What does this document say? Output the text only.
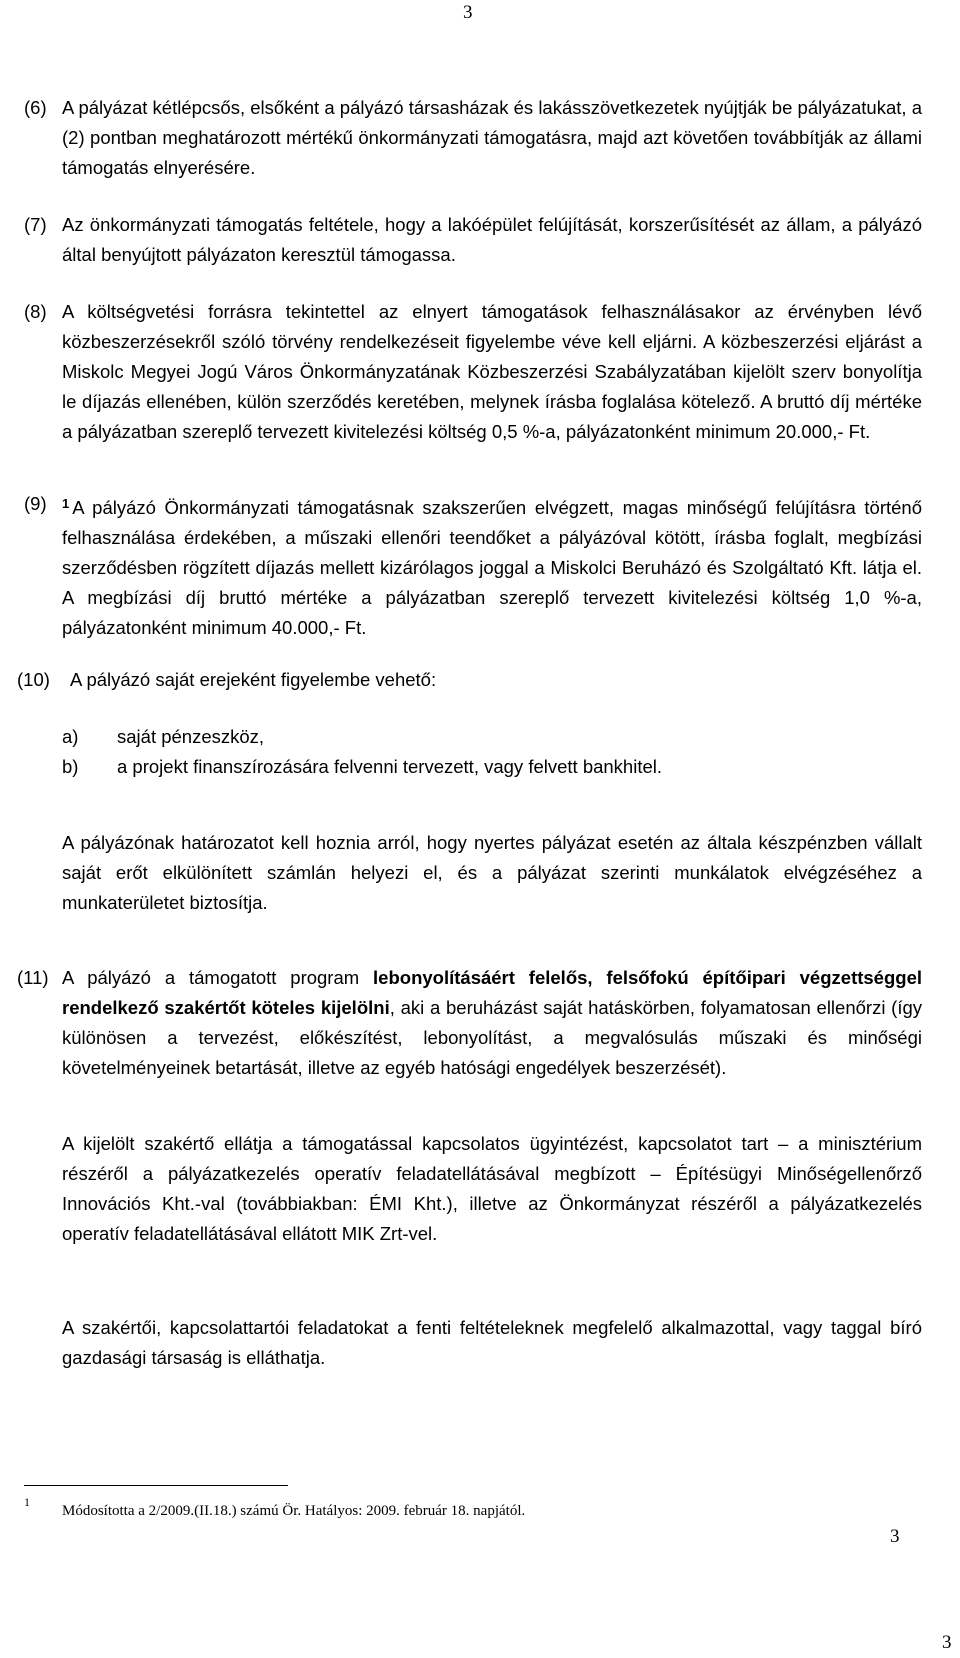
3

(6) A pályázat kétlépcsős, elsőként a pályázó társasházak és lakásszövetkezetek nyújtják be pályázatukat, a (2) pontban meghatározott mértékű önkormányzati támogatásra, majd azt követően továbbítják az állami támogatás elnyerésére.

(7) Az önkormányzati támogatás feltétele, hogy a lakóépület felújítását, korszerűsítését az állam, a pályázó által benyújtott pályázaton keresztül támogassa.

(8) A költségvetési forrásra tekintettel az elnyert támogatások felhasználásakor az érvényben lévő közbeszerzésekről szóló törvény rendelkezéseit figyelembe véve kell eljárni. A közbeszerzési eljárást a Miskolc Megyei Jogú Város Önkormányzatának Közbeszerzési Szabályzatában kijelölt szerv bonyolítja le díjazás ellenében, külön szerződés keretében, melynek írásba foglalása kötelező. A bruttó díj mértéke a pályázatban szereplő tervezett kivitelezési költség 0,5 %-a, pályázatonként minimum 20.000,- Ft.

(9) $^1$ A pályázó Önkormányzati támogatásnak szakszerűen elvégzett, magas minőségű felújításra történő felhasználása érdekében, a műszaki ellenőri teendőket a pályázóval kötött, írásba foglalt, megbízási szerződésben rögzített díjazás mellett kizárólagos joggal a Miskolci Beruházó és Szolgáltató Kft. látja el. A megbízási díj bruttó mértéke a pályázatban szereplő tervezett kivitelezési költség 1,0 %-a, pályázatonként minimum 40.000,- Ft.

(10) A pályázó saját erejeként figyelembe vehető:

a) saját pénzeszköz,
b) a projekt finanszírozására felvenni tervezett, vagy felvett bankhitel.

A pályázónak határozatot kell hoznia arról, hogy nyertes pályázat esetén az általa készpénzben vállalt saját erőt elkülönített számlán helyezi el, és a pályázat szerinti munkálatok elvégzéséhez a munkaterületet biztosítja.

(11) A pályázó a támogatott program lebonyolításáért felelős, felsőfokú építőipari végzettséggel rendelkező szakértőt köteles kijelölni, aki a beruházást saját hatáskörben, folyamatosan ellenőrzi (így különösen a tervezést, előkészítést, lebonyolítást, a megvalósulás műszaki és minőségi követelményeinek betartását, illetve az egyéb hatósági engedélyek beszerzését).

A kijelölt szakértő ellátja a támogatással kapcsolatos ügyintézést, kapcsolatot tart – a minisztérium részéről a pályázatkezelés operatív feladatellátásával megbízott – Építésügyi Minőségellenőrző Innovációs Kht.-val (továbbiakban: ÉMI Kht.), illetve az Önkormányzat részéről a pályázatkezelés operatív feladatellátásával ellátott MIK Zrt-vel.

A szakértői, kapcsolattartói feladatokat a fenti feltételeknek megfelelő alkalmazottal, vagy taggal bíró gazdasági társaság is elláthatja.

1
Módosította a 2/2009.(II.18.) számú Ör. Hatályos: 2009. február 18. napjától.
3
3
